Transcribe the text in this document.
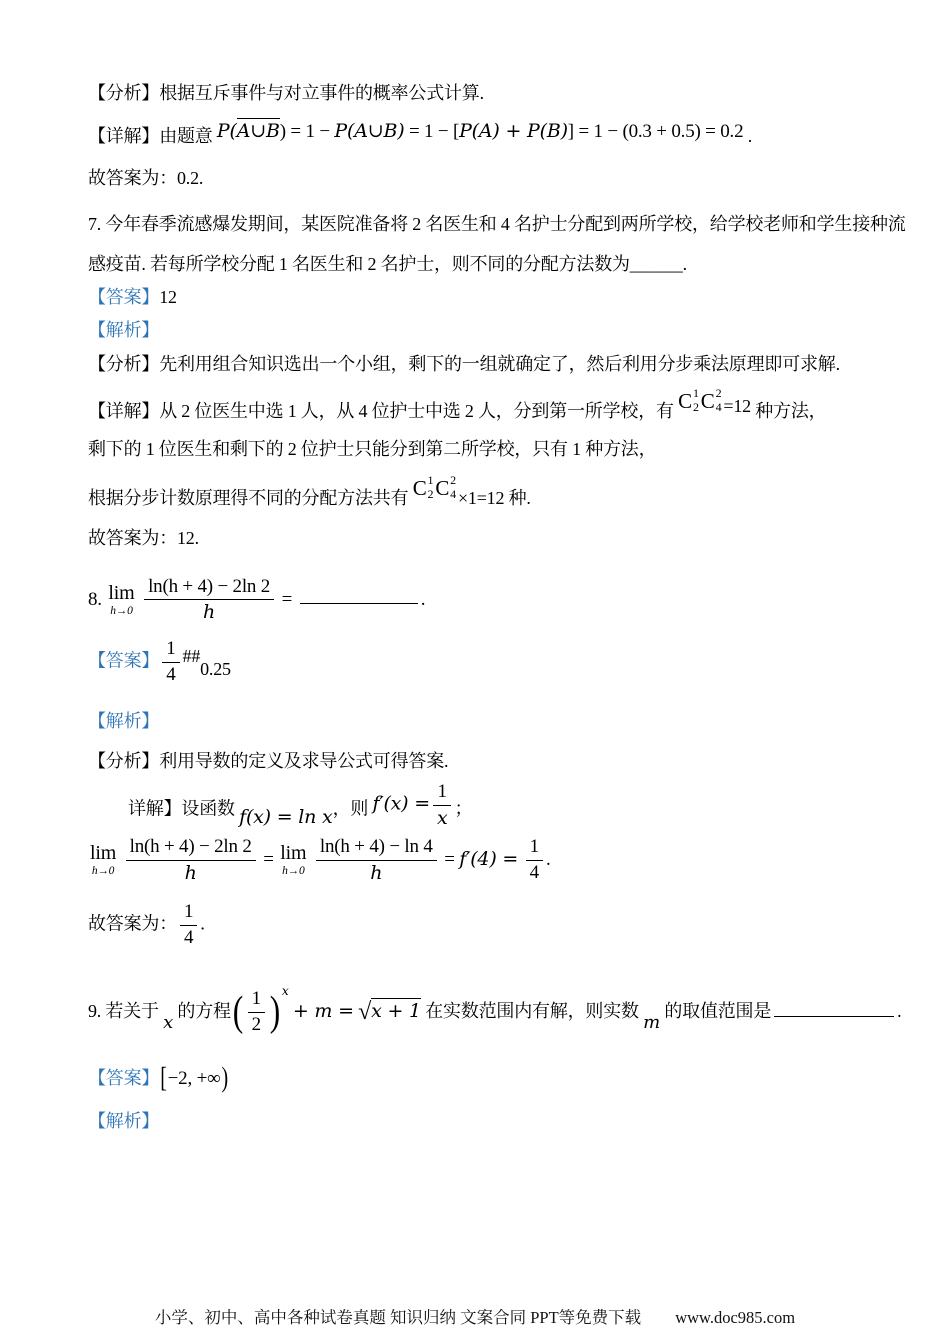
【分析】根据互斥事件与对立事件的概率公式计算.
【详解】由题意 P(A∪B) = 1 − P(A∪B) = 1 − [P(A) + P(B)] = 1 − (0.3 + 0.5) = 0.2 .
故答案为：0.2.
7. 今年春季流感爆发期间，某医院准备将 2 名医生和 4 名护士分配到两所学校，给学校老师和学生接种流
感疫苗. 若每所学校分配 1 名医生和 2 名护士，则不同的分配方法数为______.
【答案】12
【解析】
【分析】先利用组合知识选出一个小组，剩下的一组就确定了，然后利用分步乘法原理即可求解.
【详解】从 2 位医生中选 1 人，从 4 位护士中选 2 人，分到第一所学校，有 C 1
2 C 2
4 =12 种方法，
剩下的 1 位医生和剩下的 2 位护士只能分到第二所学校，只有 1 种方法，
根据分步计数原理得不同的分配方法共有 C 1
2 C 2
4 ×1=12 种.
故答案为：12.
8. lim
h→0
$\frac{\ln(h + 4) - 2\ln 2}{h}$ =	.
【答案】 $\frac{1}{4}$ ##0.25
【解析】
【分析】利用导数的定义及求导公式可得答案.
详解】设函数 f(x) = ln x，则 $f'(x) = \frac{1}{x}$ ；
lim
h→0
$\frac{\ln(h + 4) - 2\ln 2}{h} = \lim$
h→0
$\frac{\ln(h + 4) - \ln 4}{h} = f'(4) = \frac{1}{4}$ .
故答案为： $\frac{1}{4}$ .
9. 若关于 x 的方程( $\frac{1}{2}$ ) x + m = √x + 1 在实数范围内有解，则实数 m 的取值范围是	.
【答案】[−2, +∞)
【解析】
小学、初中、高中各种试卷真题 知识归纳 文案合同 PPT等免费下载 www.doc985.com
